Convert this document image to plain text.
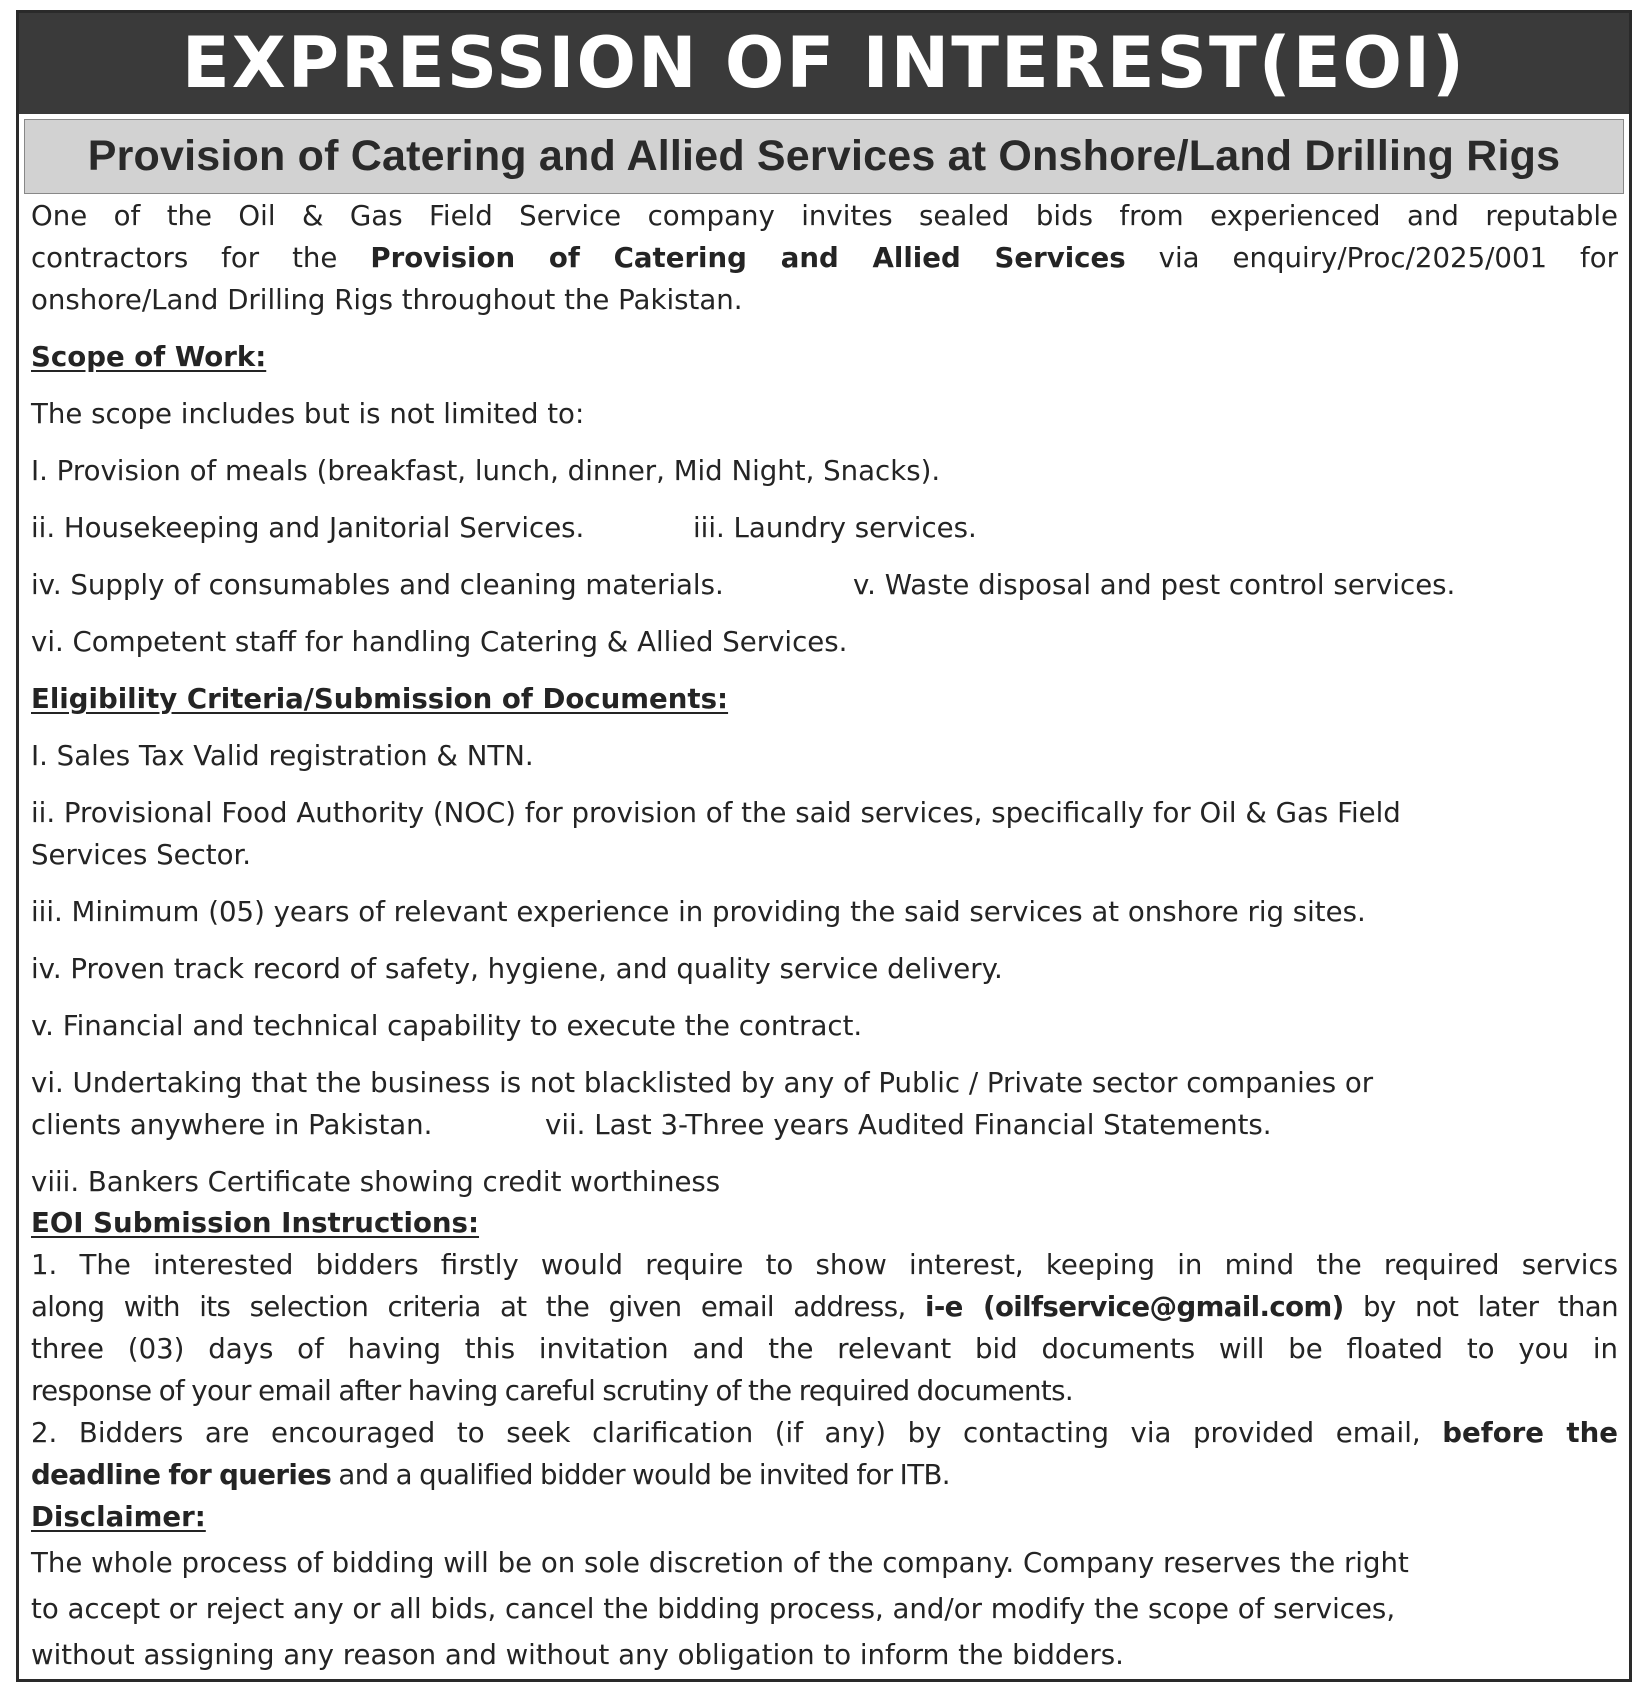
EXPRESSION OF INTEREST(EOI)
Provision of Catering and Allied Services at Onshore/Land Drilling Rigs
One of the Oil & Gas Field Service company invites sealed bids from experienced and reputable
contractors for the Provision of Catering and Allied Services via enquiry/Proc/2025/001 for
onshore/Land Drilling Rigs throughout the Pakistan.
Scope of Work:
The scope includes but is not limited to:
I. Provision of meals (breakfast, lunch, dinner, Mid Night, Snacks).
ii. Housekeeping and Janitorial Services.	iii. Laundry services.
iv. Supply of consumables and cleaning materials.	v. Waste disposal and pest control services.
vi. Competent staff for handling Catering & Allied Services.
Eligibility Criteria/Submission of Documents:
I. Sales Tax Valid registration & NTN.
ii. Provisional Food Authority (NOC) for provision of the said services, specifically for Oil & Gas Field
Services Sector.
iii. Minimum (05) years of relevant experience in providing the said services at onshore rig sites.
iv. Proven track record of safety, hygiene, and quality service delivery.
v. Financial and technical capability to execute the contract.
vi. Undertaking that the business is not blacklisted by any of Public / Private sector companies or
clients anywhere in Pakistan.	vii. Last 3-Three years Audited Financial Statements.
viii. Bankers Certificate showing credit worthiness
EOI Submission Instructions:
1. The interested bidders firstly would require to show interest, keeping in mind the required servics
along with its selection criteria at the given email address, i-e (oilfservice@gmail.com) by not later than
three (03) days of having this invitation and the relevant bid documents will be floated to you in
response of your email after having careful scrutiny of the required documents.
2. Bidders are encouraged to seek clarification (if any) by contacting via provided email, before the
deadline for queries and a qualified bidder would be invited for ITB.
Disclaimer:
The whole process of bidding will be on sole discretion of the company. Company reserves the right
to accept or reject any or all bids, cancel the bidding process, and/or modify the scope of services,
without assigning any reason and without any obligation to inform the bidders.
